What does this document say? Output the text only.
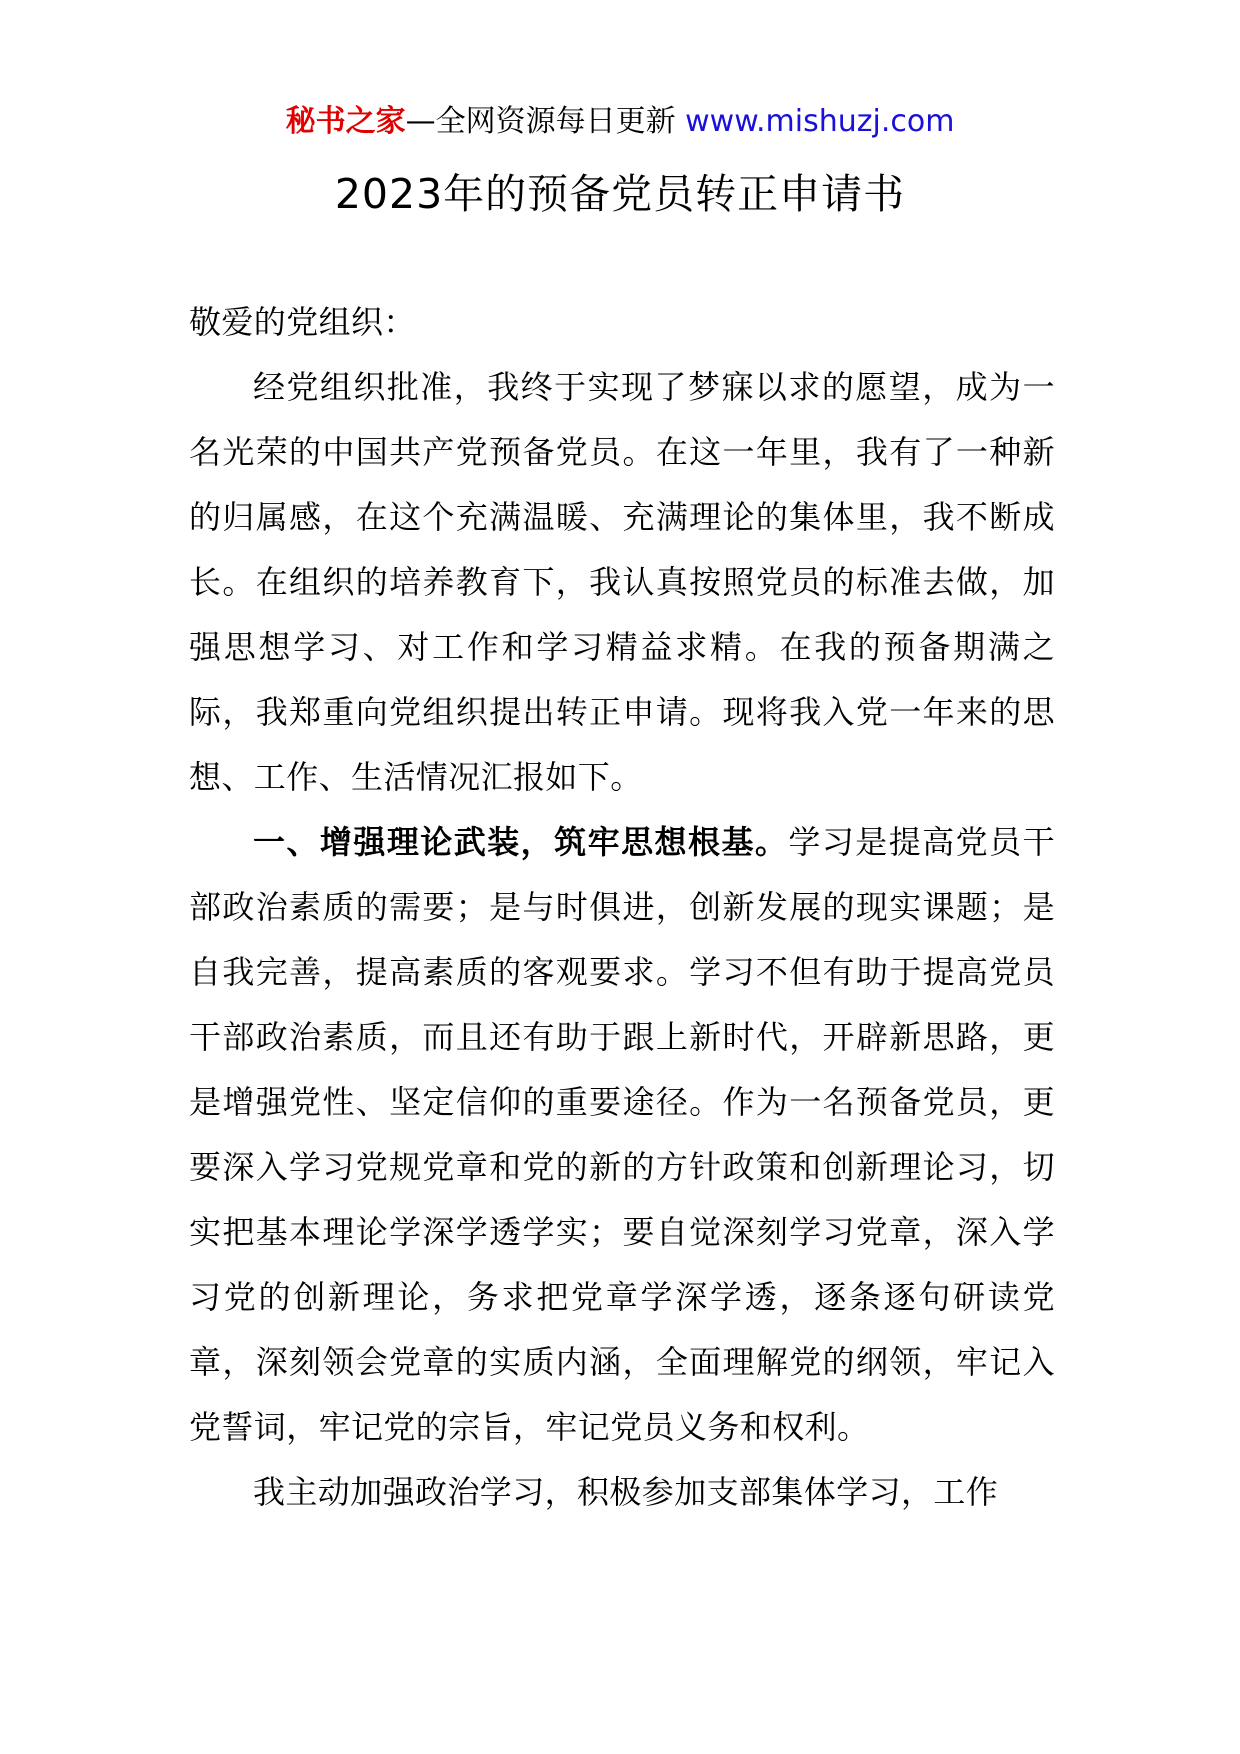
秘书之家—全网资源每日更新 www.mishuzj.com
2023年的预备党员转正申请书

敬爱的党组织：

经党组织批准，我终于实现了梦寐以求的愿望，成为一名光荣的中国共产党预备党员。在这一年里，我有了一种新的归属感，在这个充满温暖、充满理论的集体里，我不断成长。在组织的培养教育下，我认真按照党员的标准去做，加强思想学习、对工作和学习精益求精。在我的预备期满之际，我郑重向党组织提出转正申请。现将我入党一年来的思想、工作、生活情况汇报如下。

一、增强理论武装，筑牢思想根基。学习是提高党员干部政治素质的需要；是与时俱进，创新发展的现实课题；是自我完善，提高素质的客观要求。学习不但有助于提高党员干部政治素质，而且还有助于跟上新时代，开辟新思路，更是增强党性、坚定信仰的重要途径。作为一名预备党员，更要深入学习党规党章和党的新的方针政策和创新理论习，切实把基本理论学深学透学实；要自觉深刻学习党章，深入学习党的创新理论，务求把党章学深学透，逐条逐句研读党章，深刻领会党章的实质内涵，全面理解党的纲领，牢记入党誓词，牢记党的宗旨，牢记党员义务和权利。

我主动加强政治学习，积极参加支部集体学习，工作
